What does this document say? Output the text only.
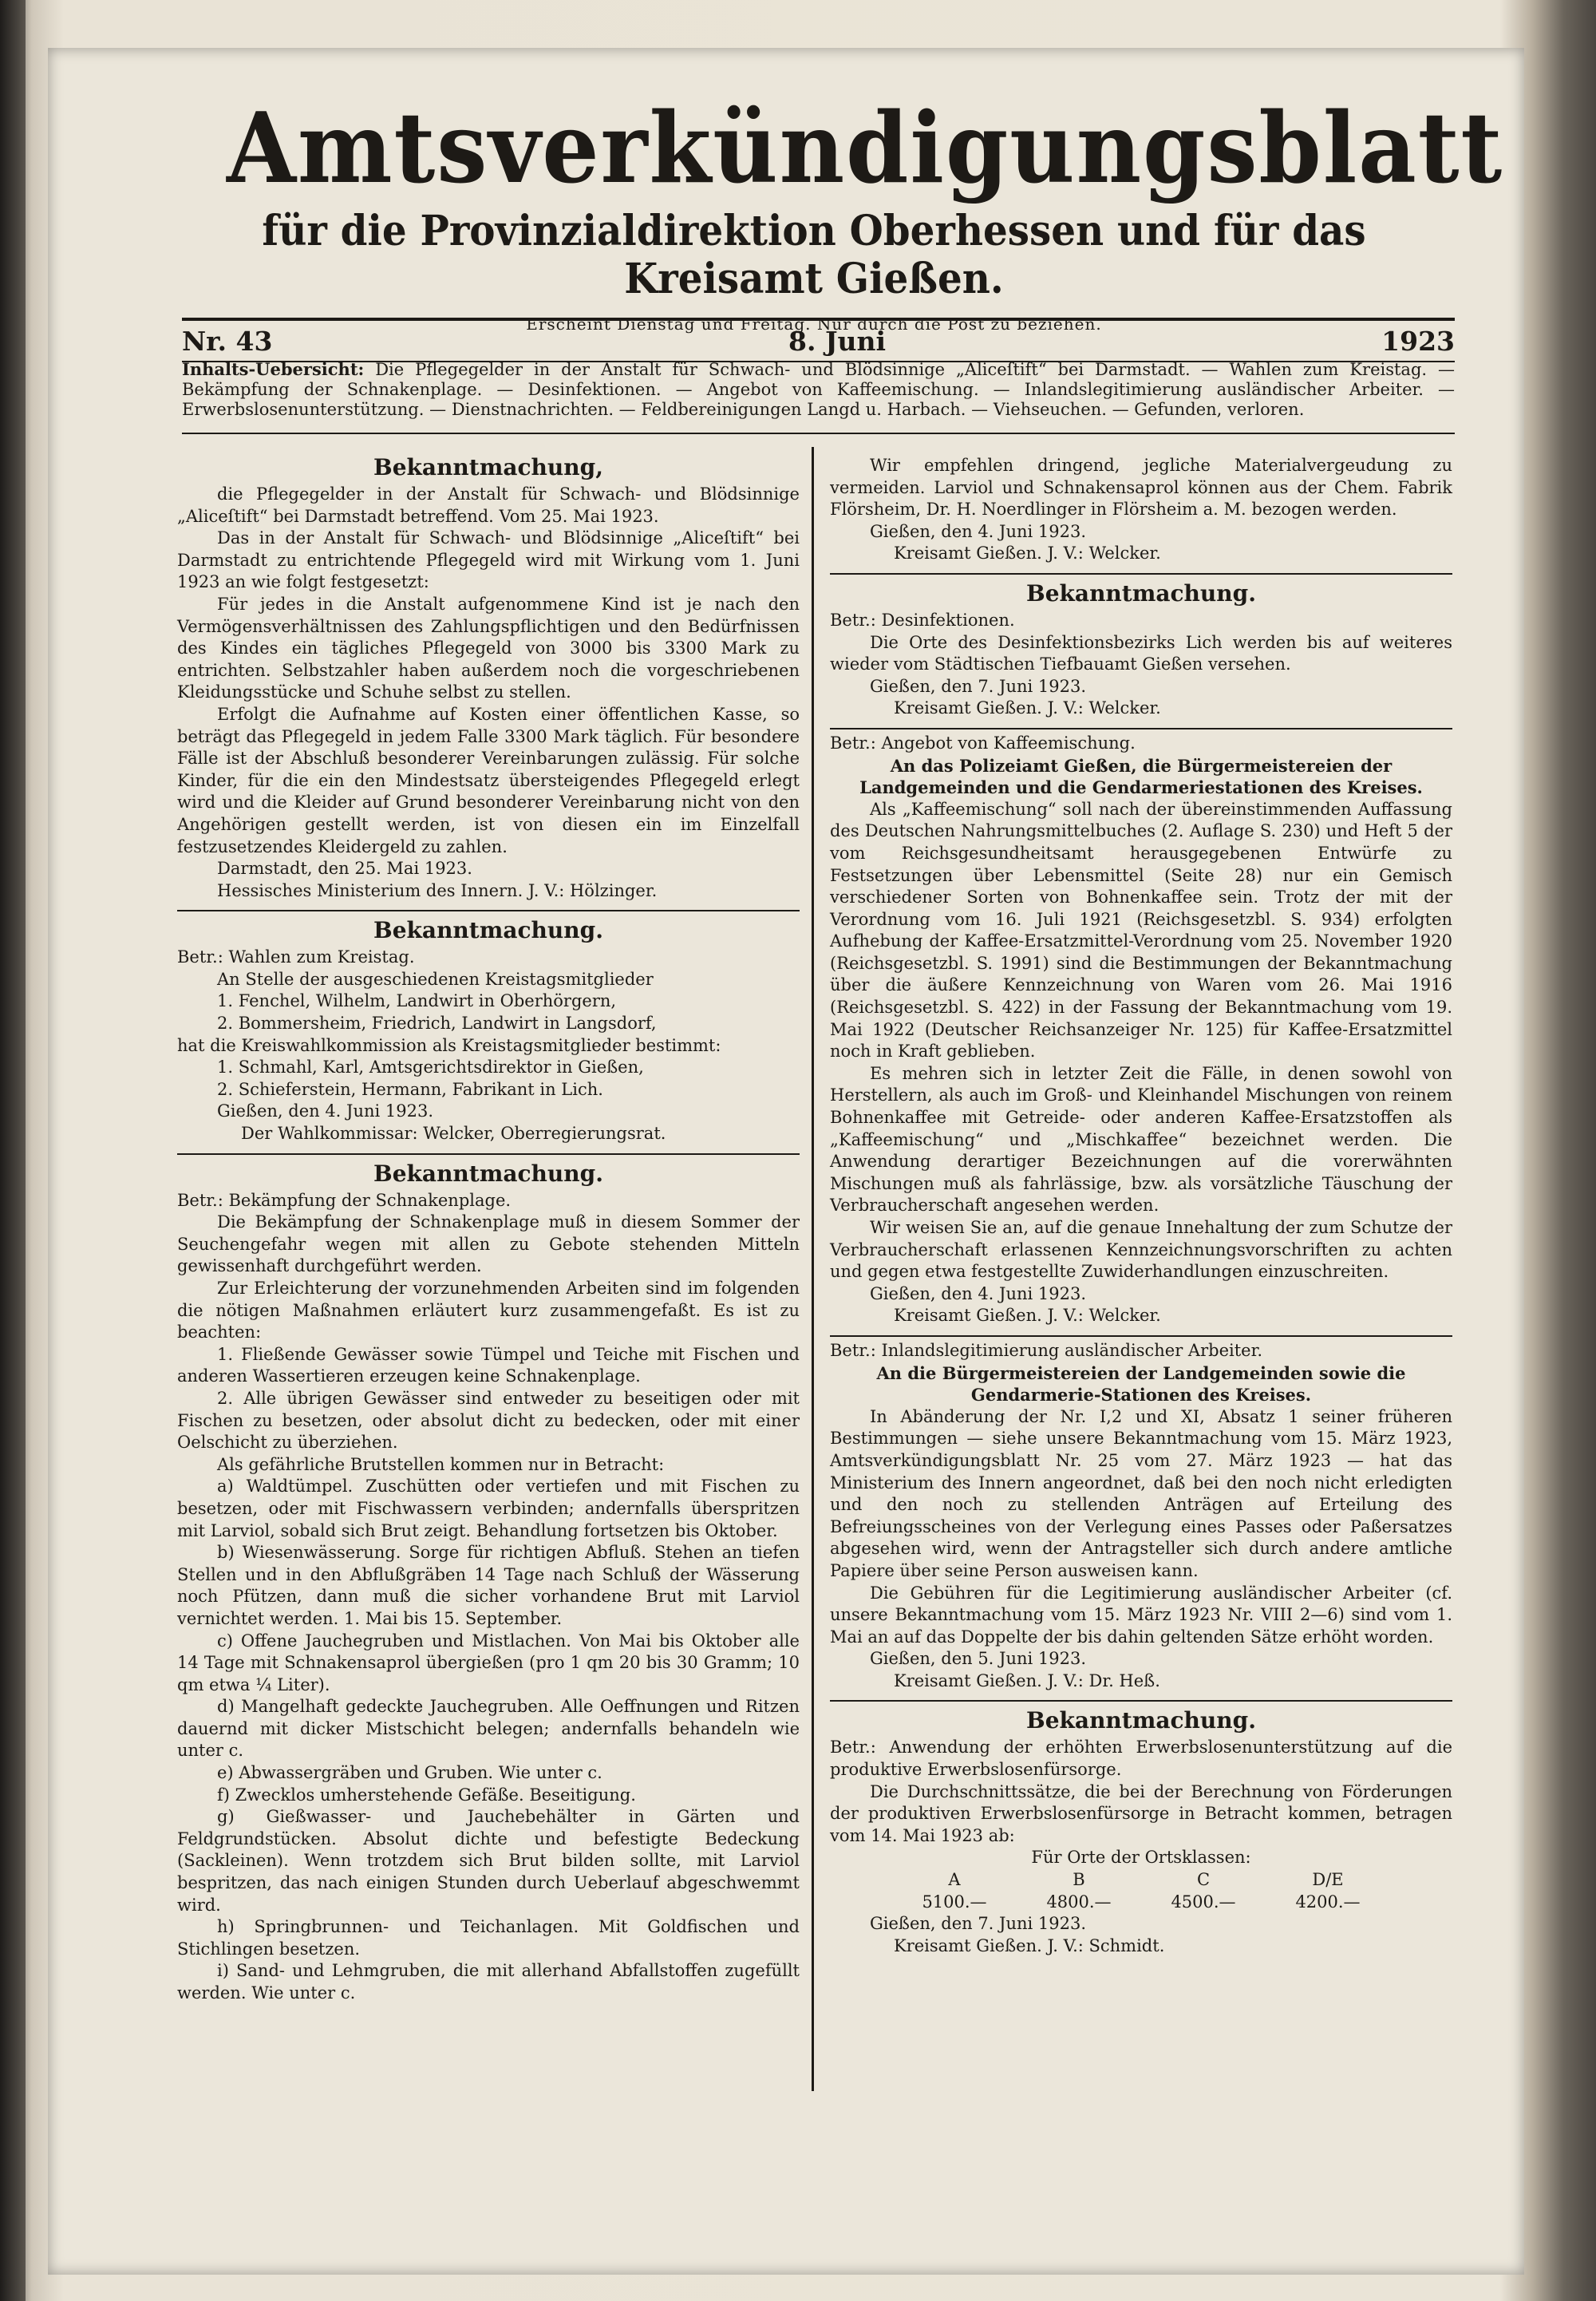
Amtsverkündigungsblatt
für die Provinzialdirektion Oberhessen und für das Kreisamt Gießen.
Erscheint Dienstag und Freitag. Nur durch die Post zu beziehen.
Nr. 43	8. Juni	1923
Inhalts-Uebersicht: Die Pflegegelder in der Anstalt für Schwach- und Blödsinnige „Aliceſtift“ bei Darmstadt. — Wahlen zum Kreistag. — Bekämpfung der Schnakenplage. — Desinfektionen. — Angebot von Kaffeemischung. — Inlandslegitimierung ausländischer Arbeiter. — Erwerbslosenunterstützung. — Dienstnachrichten. — Feldbereinigungen Langd u. Harbach. — Viehseuchen. — Gefunden, verloren.

Bekanntmachung,

die Pflegegelder in der Anstalt für Schwach- und Blödsinnige „Aliceſtift“ bei Darmstadt betreffend. Vom 25. Mai 1923.

Das in der Anstalt für Schwach- und Blödsinnige „Aliceſtift“ bei Darmstadt zu entrichtende Pflegegeld wird mit Wirkung vom 1. Juni 1923 an wie folgt festgesetzt:

Für jedes in die Anstalt aufgenommene Kind ist je nach den Vermögensverhältnissen des Zahlungspflichtigen und den Bedürfnissen des Kindes ein tägliches Pflegegeld von 3000 bis 3300 Mark zu entrichten. Selbstzahler haben außerdem noch die vorgeschriebenen Kleidungsstücke und Schuhe selbst zu stellen.

Erfolgt die Aufnahme auf Kosten einer öffentlichen Kasse, so beträgt das Pflegegeld in jedem Falle 3300 Mark täglich. Für besondere Fälle ist der Abschluß besonderer Vereinbarungen zulässig. Für solche Kinder, für die ein den Mindestsatz übersteigendes Pflegegeld erlegt wird und die Kleider auf Grund besonderer Vereinbarung nicht von den Angehörigen gestellt werden, ist von diesen ein im Einzelfall festzusetzendes Kleidergeld zu zahlen.

Darmstadt, den 25. Mai 1923.

Hessisches Ministerium des Innern. J. V.: Hölzinger.

Bekanntmachung.

Betr.: Wahlen zum Kreistag.

An Stelle der ausgeschiedenen Kreistagsmitglieder

1. Fenchel, Wilhelm, Landwirt in Oberhörgern,

2. Bommersheim, Friedrich, Landwirt in Langsdorf,

hat die Kreiswahlkommission als Kreistagsmitglieder bestimmt:

1. Schmahl, Karl, Amtsgerichtsdirektor in Gießen,

2. Schieferstein, Hermann, Fabrikant in Lich.

Gießen, den 4. Juni 1923.

Der Wahlkommissar: Welcker, Oberregierungsrat.

Bekanntmachung.

Betr.: Bekämpfung der Schnakenplage.

Die Bekämpfung der Schnakenplage muß in diesem Sommer der Seuchengefahr wegen mit allen zu Gebote stehenden Mitteln gewissenhaft durchgeführt werden.

Zur Erleichterung der vorzunehmenden Arbeiten sind im folgenden die nötigen Maßnahmen erläutert kurz zusammengefaßt. Es ist zu beachten:

1. Fließende Gewässer sowie Tümpel und Teiche mit Fischen und anderen Wassertieren erzeugen keine Schnakenplage.

2. Alle übrigen Gewässer sind entweder zu beseitigen oder mit Fischen zu besetzen, oder absolut dicht zu bedecken, oder mit einer Oelschicht zu überziehen.

Als gefährliche Brutstellen kommen nur in Betracht:

a) Waldtümpel. Zuschütten oder vertiefen und mit Fischen zu besetzen, oder mit Fischwassern verbinden; andernfalls überspritzen mit Larviol, sobald sich Brut zeigt. Behandlung fortsetzen bis Oktober.

b) Wiesenwässerung. Sorge für richtigen Abfluß. Stehen an tiefen Stellen und in den Abflußgräben 14 Tage nach Schluß der Wässerung noch Pfützen, dann muß die sicher vorhandene Brut mit Larviol vernichtet werden. 1. Mai bis 15. September.

c) Offene Jauchegruben und Mistlachen. Von Mai bis Oktober alle 14 Tage mit Schnakensaprol übergießen (pro 1 qm 20 bis 30 Gramm; 10 qm etwa ¼ Liter).

d) Mangelhaft gedeckte Jauchegruben. Alle Oeffnungen und Ritzen dauernd mit dicker Mistschicht belegen; andernfalls behandeln wie unter c.

e) Abwassergräben und Gruben. Wie unter c.

f) Zwecklos umherstehende Gefäße. Beseitigung.

g) Gießwasser- und Jauchebehälter in Gärten und Feldgrundstücken. Absolut dichte und befestigte Bedeckung (Sackleinen). Wenn trotzdem sich Brut bilden sollte, mit Larviol bespritzen, das nach einigen Stunden durch Ueberlauf abgeschwemmt wird.

h) Springbrunnen- und Teichanlagen. Mit Goldfischen und Stichlingen besetzen.

i) Sand- und Lehmgruben, die mit allerhand Abfallstoffen zugefüllt werden. Wie unter c.

Wir empfehlen dringend, jegliche Materialvergeudung zu vermeiden. Larviol und Schnakensaprol können aus der Chem. Fabrik Flörsheim, Dr. H. Noerdlinger in Flörsheim a. M. bezogen werden.

Gießen, den 4. Juni 1923.

Kreisamt Gießen. J. V.: Welcker.

Bekanntmachung.

Betr.: Desinfektionen.

Die Orte des Desinfektionsbezirks Lich werden bis auf weiteres wieder vom Städtischen Tiefbauamt Gießen versehen.

Gießen, den 7. Juni 1923.

Kreisamt Gießen. J. V.: Welcker.

Betr.: Angebot von Kaffeemischung.

An das Polizeiamt Gießen, die Bürgermeistereien der Landgemeinden und die Gendarmeriestationen des Kreises.

Als „Kaffeemischung“ soll nach der übereinstimmenden Auffassung des Deutschen Nahrungsmittelbuches (2. Auflage S. 230) und Heft 5 der vom Reichsgesundheitsamt herausgegebenen Entwürfe zu Festsetzungen über Lebensmittel (Seite 28) nur ein Gemisch verschiedener Sorten von Bohnenkaffee sein. Trotz der mit der Verordnung vom 16. Juli 1921 (Reichsgesetzbl. S. 934) erfolgten Aufhebung der Kaffee-Ersatzmittel-Verordnung vom 25. November 1920 (Reichsgesetzbl. S. 1991) sind die Bestimmungen der Bekanntmachung über die äußere Kennzeichnung von Waren vom 26. Mai 1916 (Reichsgesetzbl. S. 422) in der Fassung der Bekanntmachung vom 19. Mai 1922 (Deutscher Reichsanzeiger Nr. 125) für Kaffee-Ersatzmittel noch in Kraft geblieben.

Es mehren sich in letzter Zeit die Fälle, in denen sowohl von Herstellern, als auch im Groß- und Kleinhandel Mischungen von reinem Bohnenkaffee mit Getreide- oder anderen Kaffee-Ersatzstoffen als „Kaffeemischung“ und „Mischkaffee“ bezeichnet werden. Die Anwendung derartiger Bezeichnungen auf die vorerwähnten Mischungen muß als fahrlässige, bzw. als vorsätzliche Täuschung der Verbraucherschaft angesehen werden.

Wir weisen Sie an, auf die genaue Innehaltung der zum Schutze der Verbraucherschaft erlassenen Kennzeichnungsvorschriften zu achten und gegen etwa festgestellte Zuwiderhandlungen einzuschreiten.

Gießen, den 4. Juni 1923.

Kreisamt Gießen. J. V.: Welcker.

Betr.: Inlandslegitimierung ausländischer Arbeiter.

An die Bürgermeistereien der Landgemeinden sowie die Gendarmerie-Stationen des Kreises.

In Abänderung der Nr. I,2 und XI, Absatz 1 seiner früheren Bestimmungen — siehe unsere Bekanntmachung vom 15. März 1923, Amtsverkündigungsblatt Nr. 25 vom 27. März 1923 — hat das Ministerium des Innern angeordnet, daß bei den noch nicht erledigten und den noch zu stellenden Anträgen auf Erteilung des Befreiungsscheines von der Verlegung eines Passes oder Paßersatzes abgesehen wird, wenn der Antragsteller sich durch andere amtliche Papiere über seine Person ausweisen kann.

Die Gebühren für die Legitimierung ausländischer Arbeiter (cf. unsere Bekanntmachung vom 15. März 1923 Nr. VIII 2—6) sind vom 1. Mai an auf das Doppelte der bis dahin geltenden Sätze erhöht worden.

Gießen, den 5. Juni 1923.

Kreisamt Gießen. J. V.: Dr. Heß.

Bekanntmachung.

Betr.: Anwendung der erhöhten Erwerbslosenunterstützung auf die produktive Erwerbslosenfürsorge.

Die Durchschnittssätze, die bei der Berechnung von Förderungen der produktiven Erwerbslosenfürsorge in Betracht kommen, betragen vom 14. Mai 1923 ab:

Für Orte der Ortsklassen:

A	B	C	D/E
5100.—	4800.—	4500.—	4200.—

Gießen, den 7. Juni 1923.

Kreisamt Gießen. J. V.: Schmidt.
